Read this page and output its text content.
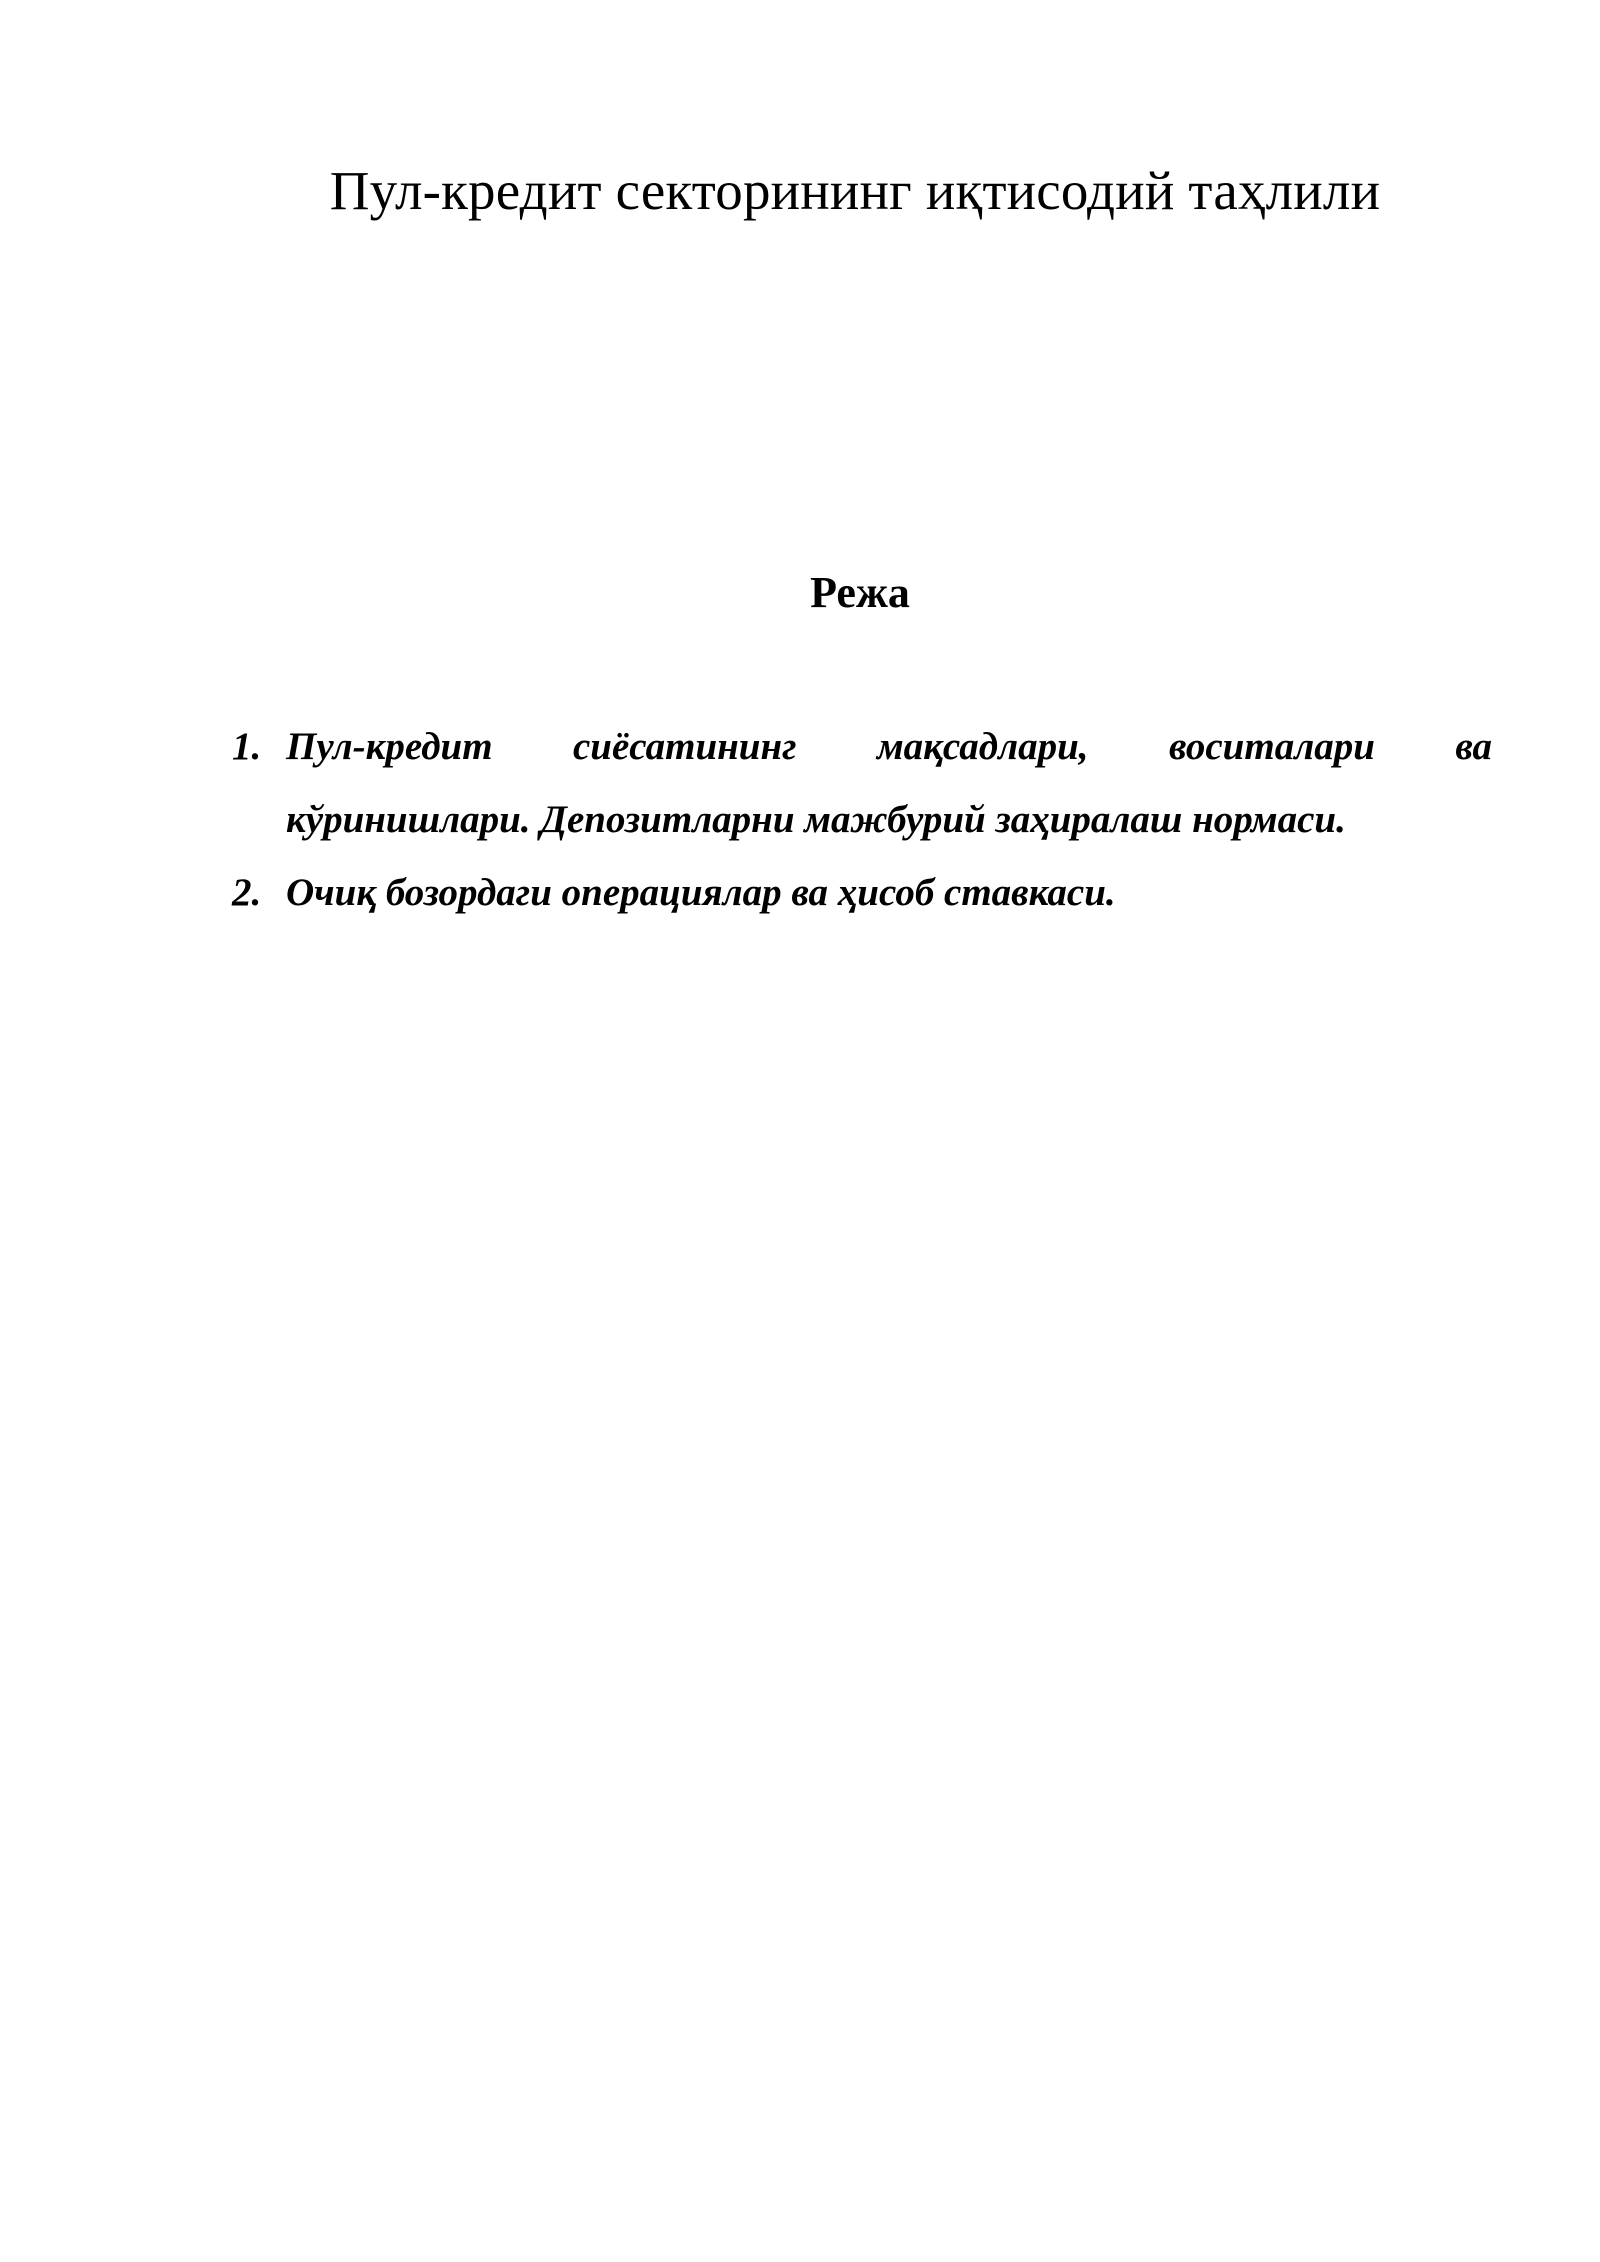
Пул-кредит секторининг иқтисодий таҳлили
Режа
1. Пул-кредит сиёсатининг мақсадлари, воситалари ва
кўринишлари. Депозитларни мажбурий заҳиралаш нормаси.
2. Очиқ бозордаги операциялар ва ҳисоб ставкаси.
